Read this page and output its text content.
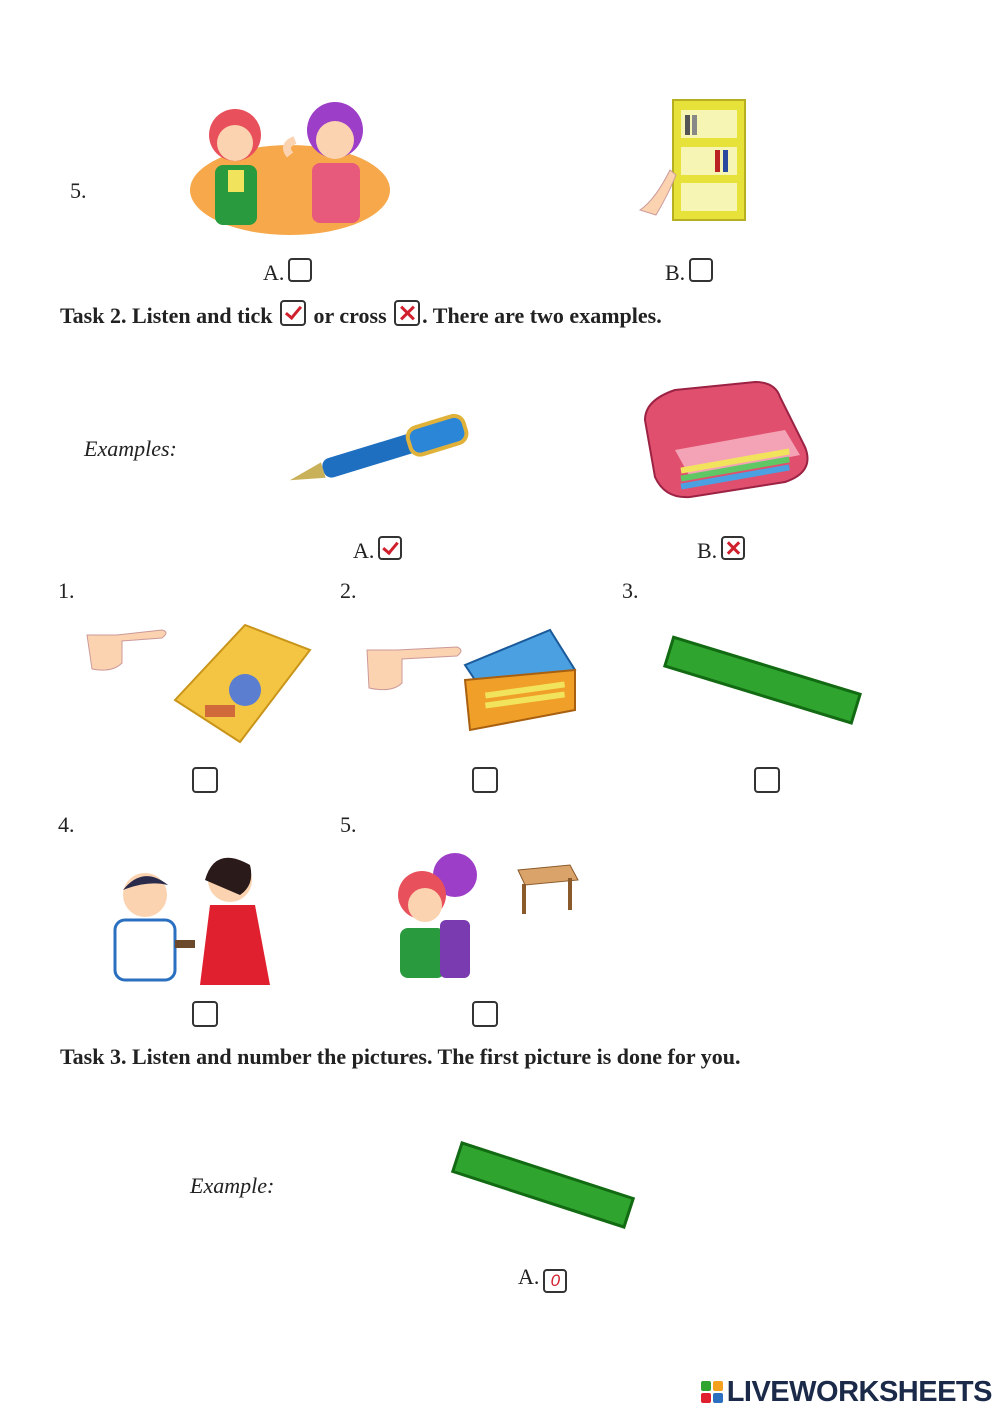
5.
A.	B.
Task 2. Listen and tick or cross . There are two examples.
Examples:
A.	B.
1.	2.	3.
4.	5.
Task 3. Listen and number the pictures. The first picture is done for you.
Example:
A. 0
LIVEWORKSHEETS
